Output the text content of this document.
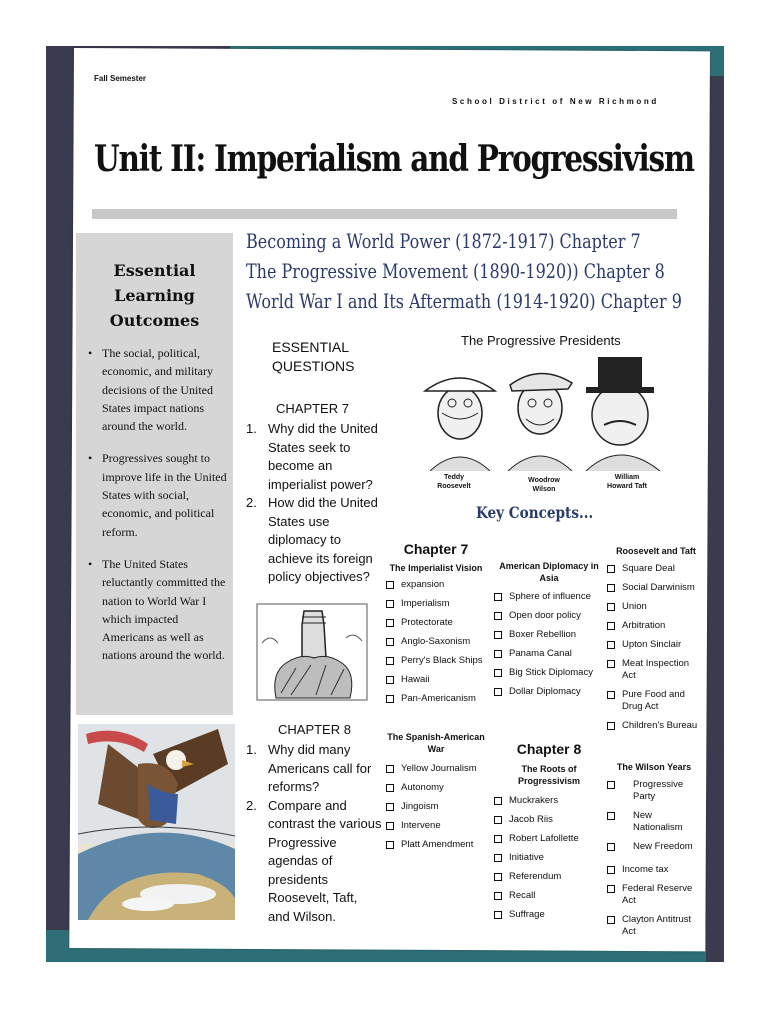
Fall Semester
School District of New Richmond
Unit II: Imperialism and Progressivism
Becoming a World Power (1872-1917) Chapter 7
The Progressive Movement (1890-1920)) Chapter 8
World War I and Its Aftermath (1914-1920) Chapter 9
Essential
Learning
Outcomes
• The social, political, economic, and military decisions of the United States impact nations around the world.
• Progressives sought to improve life in the United States with social, economic, and political reform.
• The United States reluctantly committed the nation to World War I which impacted Americans as well as nations around the world.
ESSENTIAL
QUESTIONS
CHAPTER 7
1. Why did the United States seek to become an imperialist power?
2. How did the United States use diplomacy to achieve its foreign policy objectives?
CHAPTER 8
1. Why did many Americans call for reforms?
2. Compare and contrast the various Progressive agendas of presidents Roosevelt, Taft, and Wilson.
The Progressive Presidents
Teddy
Roosevelt
Woodrow
Wilson
William
Howard Taft
Key Concepts...
Chapter 7
The Imperialist Vision
expansion
Imperialism
Protectorate
Anglo-Saxonism
Perry's Black Ships
Hawaii
Pan-Americanism
The Spanish-American War
Yellow Journalism
Autonomy
Jingoism
Intervene
Platt Amendment
American Diplomacy in Asia
Sphere of influence
Open door policy
Boxer Rebellion
Panama Canal
Big Stick Diplomacy
Dollar Diplomacy
Chapter 8
The Roots of Progressivism
Muckrakers
Jacob Riis
Robert Lafollette
Initiative
Referendum
Recall
Suffrage
Roosevelt and Taft
Square Deal
Social Darwinism
Union
Arbitration
Upton Sinclair
Meat Inspection Act
Pure Food and Drug Act
Children's Bureau
The Wilson Years
Progressive Party
New Nationalism
New Freedom
Income tax
Federal Reserve Act
Clayton Antitrust Act
